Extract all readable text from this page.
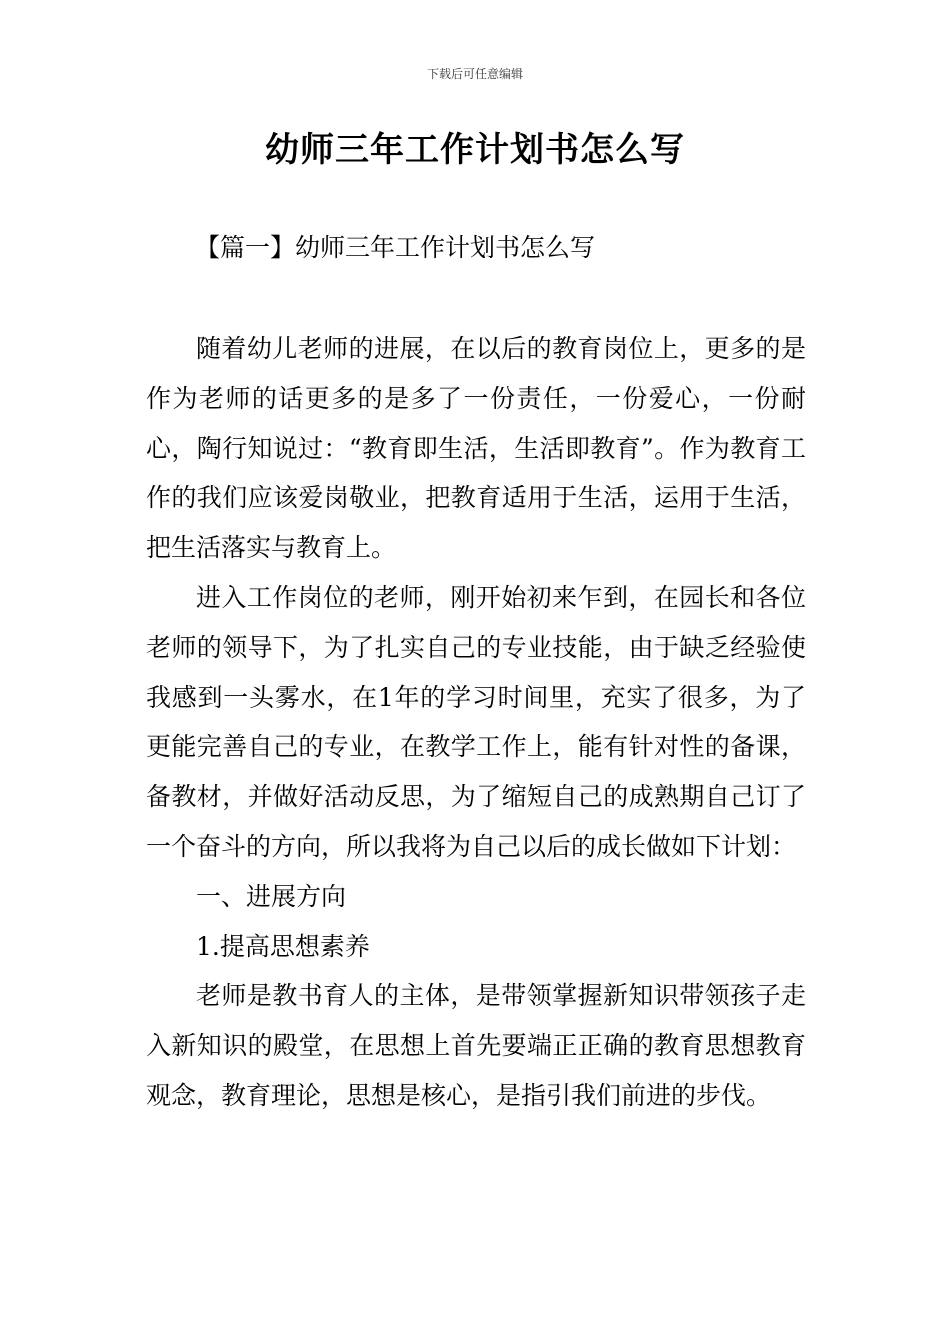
下载后可任意编辑
幼师三年工作计划书怎么写
【篇一】幼师三年工作计划书怎么写

随着幼儿老师的进展，在以后的教育岗位上，更多的是作为老师的话更多的是多了一份责任，一份爱心，一份耐心，陶行知说过：“教育即生活，生活即教育”。作为教育工作的我们应该爱岗敬业，把教育适用于生活，运用于生活，把生活落实与教育上。

进入工作岗位的老师，刚开始初来乍到，在园长和各位老师的领导下，为了扎实自己的专业技能，由于缺乏经验使我感到一头雾水，在1年的学习时间里，充实了很多，为了更能完善自己的专业，在教学工作上，能有针对性的备课，备教材，并做好活动反思，为了缩短自己的成熟期自己订了一个奋斗的方向，所以我将为自己以后的成长做如下计划：

一、进展方向

1.提高思想素养

老师是教书育人的主体，是带领掌握新知识带领孩子走入新知识的殿堂，在思想上首先要端正正确的教育思想教育观念，教育理论，思想是核心，是指引我们前进的步伐。
